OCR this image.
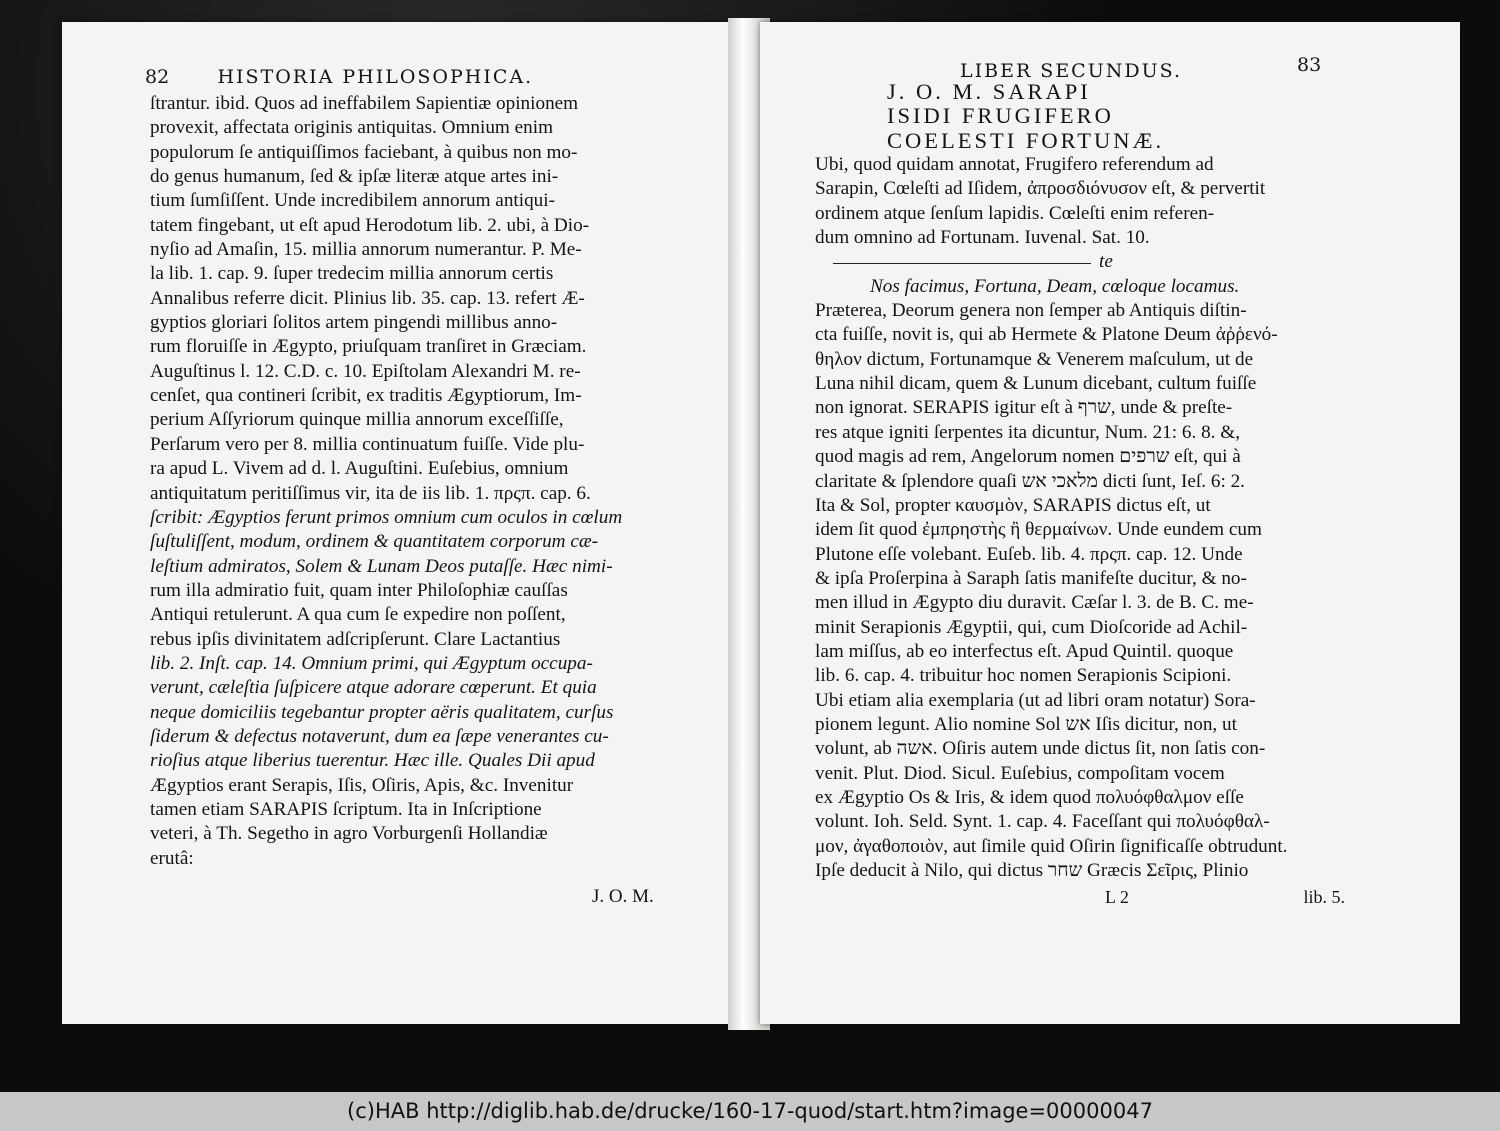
82	HISTORIA PHILOSOPHICA.
ſtrantur. ibid. Quos ad ineffabilem Sapientiæ opinionem
provexit, affectata originis antiquitas. Omnium enim
populorum ſe antiquiſſimos faciebant, à quibus non mo-
do genus humanum, ſed & ipſæ literæ atque artes ini-
tium ſumſiſſent. Unde incredibilem annorum antiqui-
tatem fingebant, ut eſt apud Herodotum lib. 2. ubi, à Dio-
nyſio ad Amaſin, 15. millia annorum numerantur. P. Me-
la lib. 1. cap. 9. ſuper tredecim millia annorum certis
Annalibus referre dicit. Plinius lib. 35. cap. 13. refert Æ-
gyptios gloriari ſolitos artem pingendi millibus anno-
rum floruiſſe in Ægypto, priuſquam tranſiret in Græciam.
Auguſtinus l. 12. C.D. c. 10. Epiſtolam Alexandri M. re-
cenſet, qua contineri ſcribit, ex traditis Ægyptiorum, Im-
perium Aſſyriorum quinque millia annorum exceſſiſſe,
Perſarum vero per 8. millia continuatum fuiſſe. Vide plu-
ra apud L. Vivem ad d. l. Auguſtini. Euſebius, omnium
antiquitatum peritiſſimus vir, ita de iis lib. 1. πρςπ. cap. 6.
ſcribit: Ægyptios ferunt primos omnium cum oculos in cœlum
ſuſtuliſſent, modum, ordinem & quantitatem corporum cæ-
leſtium admiratos, Solem & Lunam Deos putaſſe. Hæc nimi-
rum illa admiratio fuit, quam inter Philoſophiæ cauſſas
Antiqui retulerunt. A qua cum ſe expedire non poſſent,
rebus ipſis divinitatem adſcripſerunt. Clare Lactantius
lib. 2. Inſt. cap. 14. Omnium primi, qui Ægyptum occupa-
verunt, cæleſtia ſuſpicere atque adorare cœperunt. Et quia
neque domiciliis tegebantur propter aëris qualitatem, curſus
ſiderum & defectus notaverunt, dum ea ſæpe venerantes cu-
rioſius atque liberius tuerentur. Hæc ille. Quales Dii apud
Ægyptios erant Serapis, Iſis, Oſiris, Apis, &c. Invenitur
tamen etiam SARAPIS ſcriptum. Ita in Inſcriptione
veteri, à Th. Segetho in agro Vorburgenſi Hollandiæ
erutâ:
J. O. M.
LIBER SECUNDUS.	83
J. O. M. SARAPI
ISIDI FRUGIFERO
COELESTI FORTUNÆ.
Ubi, quod quidam annotat, Frugifero referendum ad
Sarapin, Cœleſti ad Iſidem, ἀπροσδιόνυσον eſt, & pervertit
ordinem atque ſenſum lapidis. Cœleſti enim referen-
dum omnino ad Fortunam. Iuvenal. Sat. 10.
te
Nos facimus, Fortuna, Deam, cœloque locamus.
Præterea, Deorum genera non ſemper ab Antiquis diſtin-
cta fuiſſe, novit is, qui ab Hermete & Platone Deum ἀῤῥενό-
θηλον dictum, Fortunamque & Venerem maſculum, ut de
Luna nihil dicam, quem & Lunum dicebant, cultum fuiſſe
non ignorat. SERAPIS igitur eſt à שרף, unde & preſte-
res atque igniti ſerpentes ita dicuntur, Num. 21: 6. 8. &,
quod magis ad rem, Angelorum nomen שרפים eſt, qui à
claritate & ſplendore quaſi מלאכי אש dicti ſunt, Ieſ. 6: 2.
Ita & Sol, propter καυσμὸν, SARAPIS dictus eſt, ut
idem ſit quod ἐμπρηστὴς ἢ θερμαίνων. Unde eundem cum
Plutone eſſe volebant. Euſeb. lib. 4. πρςπ. cap. 12. Unde
& ipſa Proſerpina à Saraph ſatis manifeſte ducitur, & no-
men illud in Ægypto diu duravit. Cæſar l. 3. de B. C. me-
minit Serapionis Ægyptii, qui, cum Dioſcoride ad Achil-
lam miſſus, ab eo interfectus eſt. Apud Quintil. quoque
lib. 6. cap. 4. tribuitur hoc nomen Serapionis Scipioni.
Ubi etiam alia exemplaria (ut ad libri oram notatur) Sora-
pionem legunt. Alio nomine Sol אש Iſis dicitur, non, ut
volunt, ab אשה. Oſiris autem unde dictus ſit, non ſatis con-
venit. Plut. Diod. Sicul. Euſebius, compoſitam vocem
ex Ægyptio Os & Iris, & idem quod πολυόφθαλμον eſſe
volunt. Ioh. Seld. Synt. 1. cap. 4. Faceſſant qui πολυόφθαλ-
μον, ἀγαθοποιὸν, aut ſimile quid Oſirin ſignificaſſe obtrudunt.
Ipſe deducit à Nilo, qui dictus שחר Græcis Σεῖρις, Plinio
L 2	lib. 5.
(c)HAB http://diglib.hab.de/drucke/160-17-quod/start.htm?image=00000047
